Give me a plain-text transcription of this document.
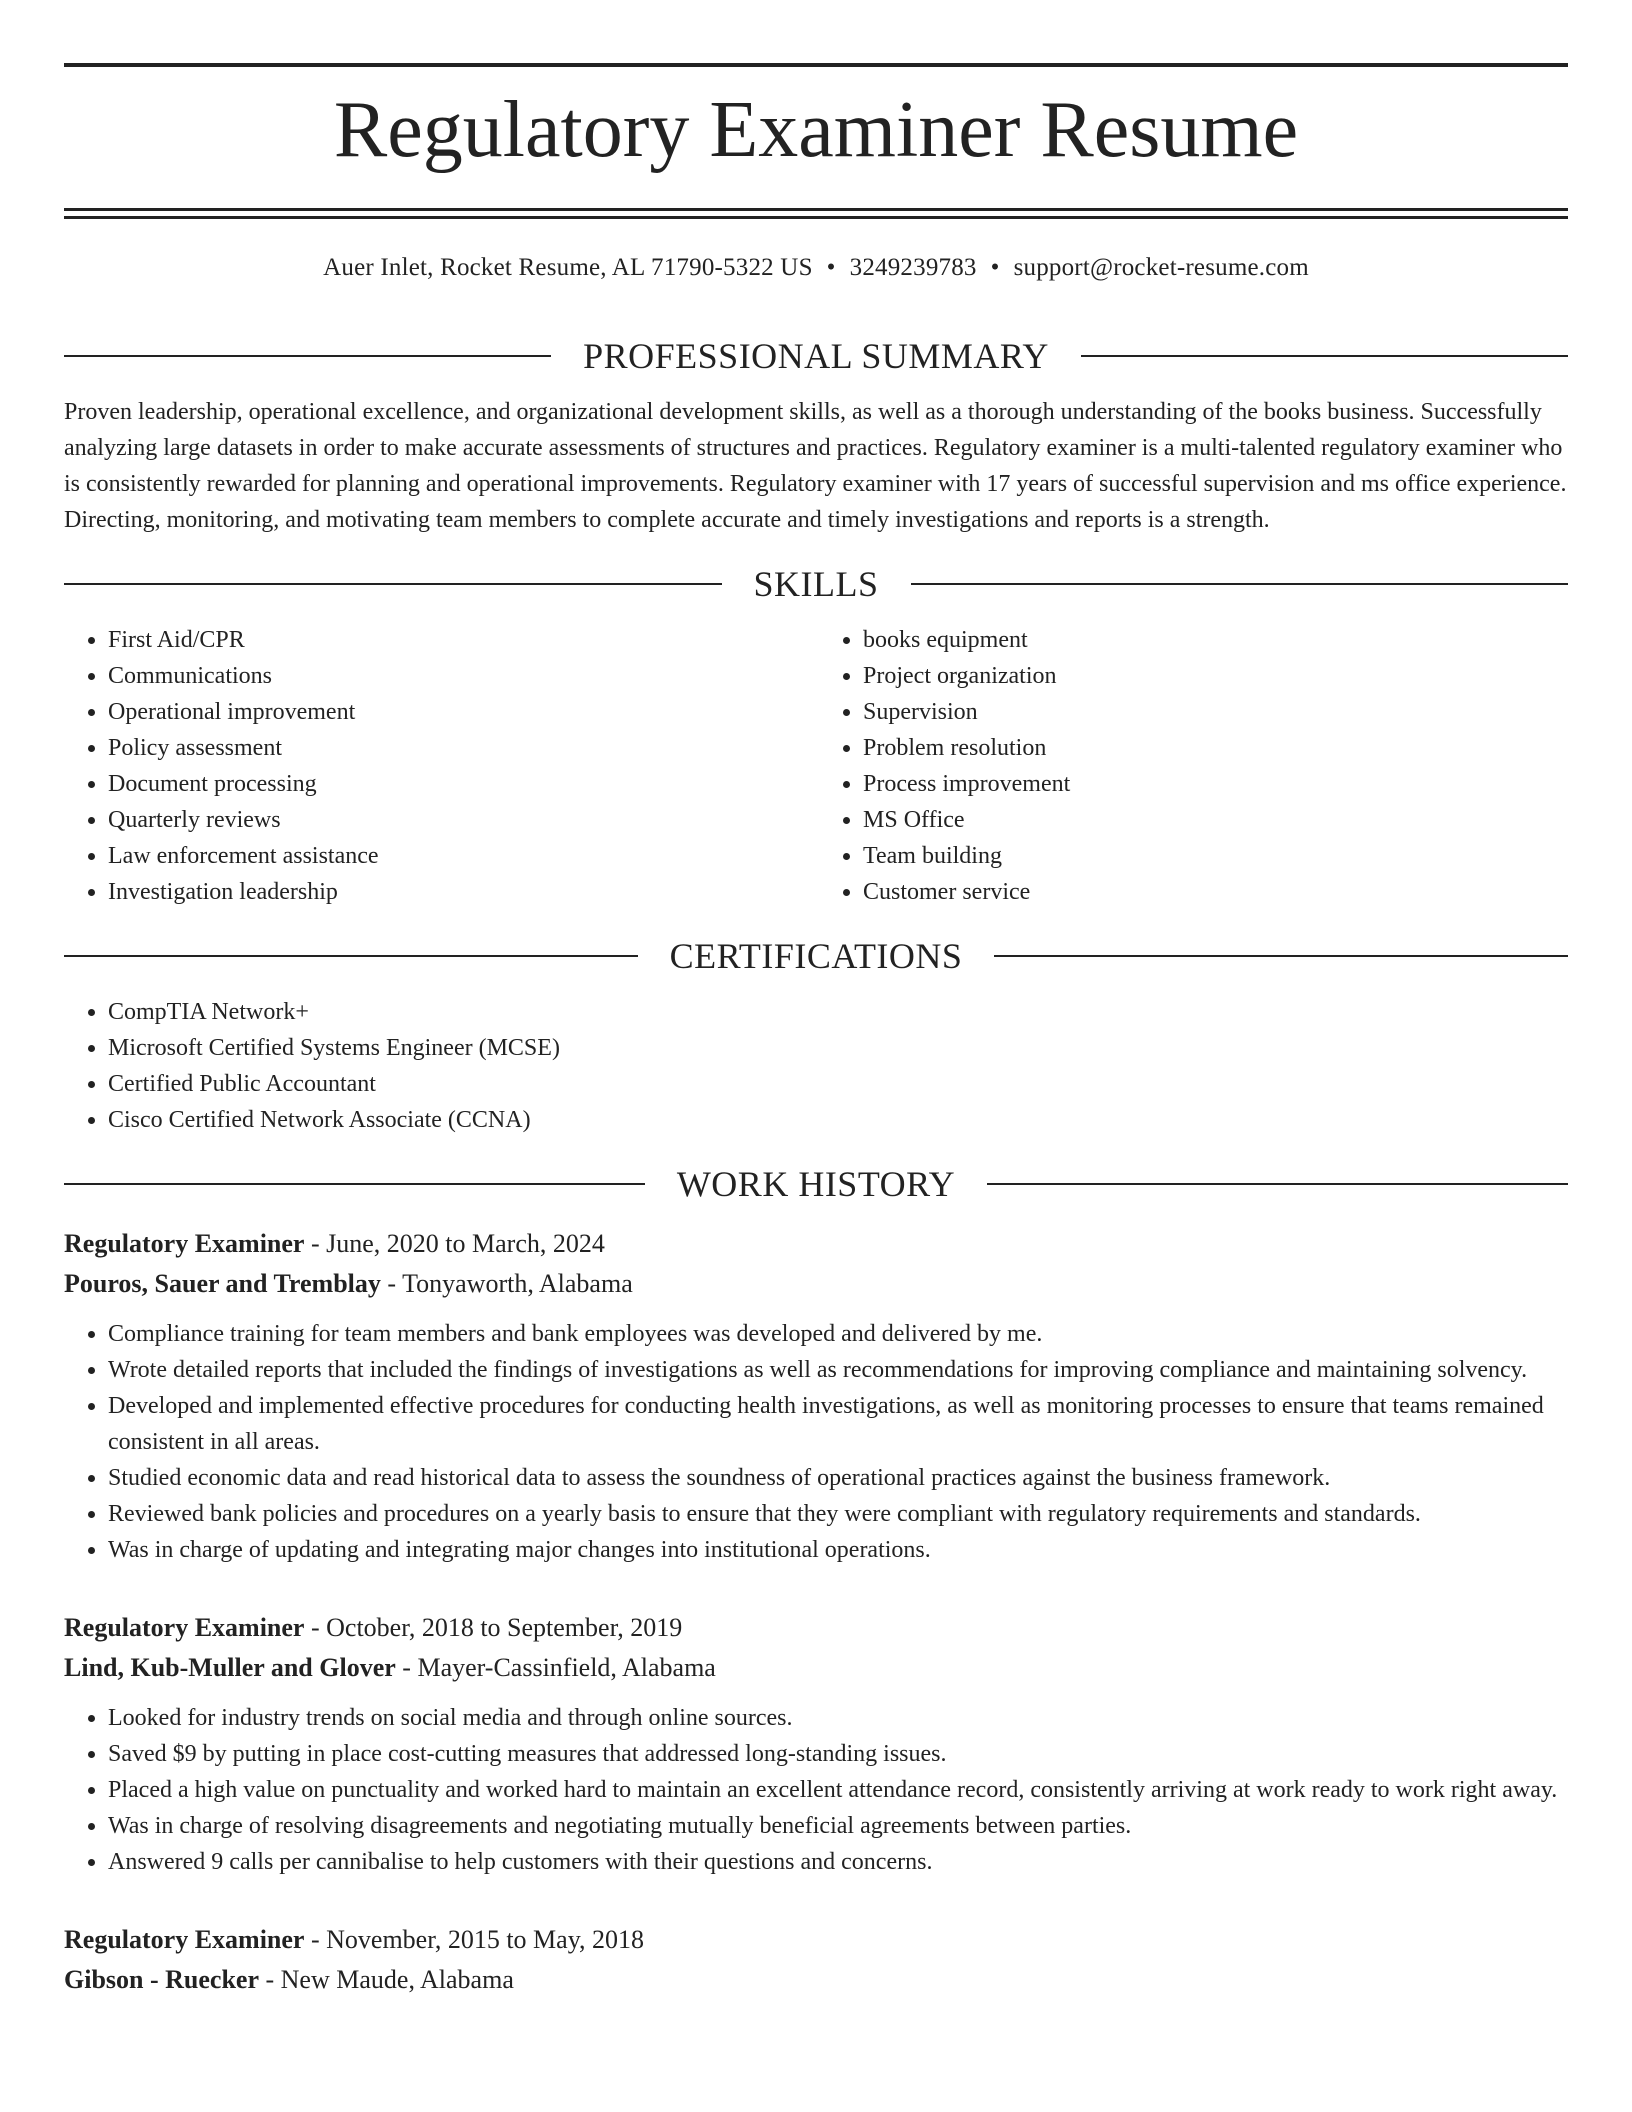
Regulatory Examiner Resume
Auer Inlet, Rocket Resume, AL 71790-5322 US • 3249239783 • support@rocket-resume.com
PROFESSIONAL SUMMARY

Proven leadership, operational excellence, and organizational development skills, as well as a thorough understanding of the books business. Successfully analyzing large datasets in order to make accurate assessments of structures and practices. Regulatory examiner is a multi-talented regulatory examiner who is consistently rewarded for planning and operational improvements. Regulatory examiner with 17 years of successful supervision and ms office experience. Directing, monitoring, and motivating team members to complete accurate and timely investigations and reports is a strength.

SKILLS
• First Aid/CPR
• Communications
• Operational improvement
• Policy assessment
• Document processing
• Quarterly reviews
• Law enforcement assistance
• Investigation leadership
• books equipment
• Project organization
• Supervision
• Problem resolution
• Process improvement
• MS Office
• Team building
• Customer service
CERTIFICATIONS
• CompTIA Network+
• Microsoft Certified Systems Engineer (MCSE)
• Certified Public Accountant
• Cisco Certified Network Associate (CCNA)
WORK HISTORY
Regulatory Examiner - June, 2020 to March, 2024
Pouros, Sauer and Tremblay - Tonyaworth, Alabama
• Compliance training for team members and bank employees was developed and delivered by me.
• Wrote detailed reports that included the findings of investigations as well as recommendations for improving compliance and maintaining solvency.
• Developed and implemented effective procedures for conducting health investigations, as well as monitoring processes to ensure that teams remained consistent in all areas.
• Studied economic data and read historical data to assess the soundness of operational practices against the business framework.
• Reviewed bank policies and procedures on a yearly basis to ensure that they were compliant with regulatory requirements and standards.
• Was in charge of updating and integrating major changes into institutional operations.
Regulatory Examiner - October, 2018 to September, 2019
Lind, Kub-Muller and Glover - Mayer-Cassinfield, Alabama
• Looked for industry trends on social media and through online sources.
• Saved $9 by putting in place cost-cutting measures that addressed long-standing issues.
• Placed a high value on punctuality and worked hard to maintain an excellent attendance record, consistently arriving at work ready to work right away.
• Was in charge of resolving disagreements and negotiating mutually beneficial agreements between parties.
• Answered 9 calls per cannibalise to help customers with their questions and concerns.
Regulatory Examiner - November, 2015 to May, 2018
Gibson - Ruecker - New Maude, Alabama
